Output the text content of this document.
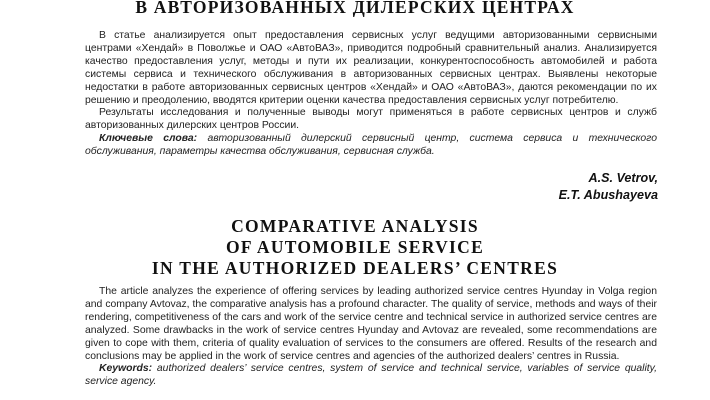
В АВТОРИЗОВАННЫХ ДИЛЕРСКИХ ЦЕНТРАХ

В статье анализируется опыт предоставления сервисных услуг ведущими авторизованными сервисными центрами «Хендай» в Поволжье и ОАО «АвтоВАЗ», приводится подробный сравнительный анализ. Анализируется качество предоставления услуг, методы и пути их реализации, конкурентоспособность автомобилей и работа системы сервиса и технического обслуживания в авторизованных сервисных центрах. Выявлены некоторые недостатки в работе авторизованных сервисных центров «Хендай» и ОАО «АвтоВАЗ», даются рекомендации по их решению и преодолению, вводятся критерии оценки качества предоставления сервисных услуг потребителю.

Результаты исследования и полученные выводы могут применяться в работе сервисных центров и служб авторизованных дилерских центров России.

Ключевые слова: авторизованный дилерский сервисный центр, система сервиса и технического обслуживания, параметры качества обслуживания, сервисная служба.

A.S. Vetrov,
E.T. Abushayeva
COMPARATIVE ANALYSIS
OF AUTOMOBILE SERVICE
IN THE AUTHORIZED DEALERS’ CENTRES

The article analyzes the experience of offering services by leading authorized service centres Hyunday in Volga region and company Avtovaz, the comparative analysis has a profound character. The quality of service, methods and ways of their rendering, competitiveness of the cars and work of the service centre and technical service in authorized service centres are analyzed. Some drawbacks in the work of service centres Hyunday and Avtovaz are revealed, some recommendations are given to cope with them, criteria of quality evaluation of services to the consumers are offered. Results of the research and conclusions may be applied in the work of service centres and agencies of the authorized dealers’ centres in Russia.

Keywords: authorized dealers’ service centres, system of service and technical service, variables of service quality, service agency.
